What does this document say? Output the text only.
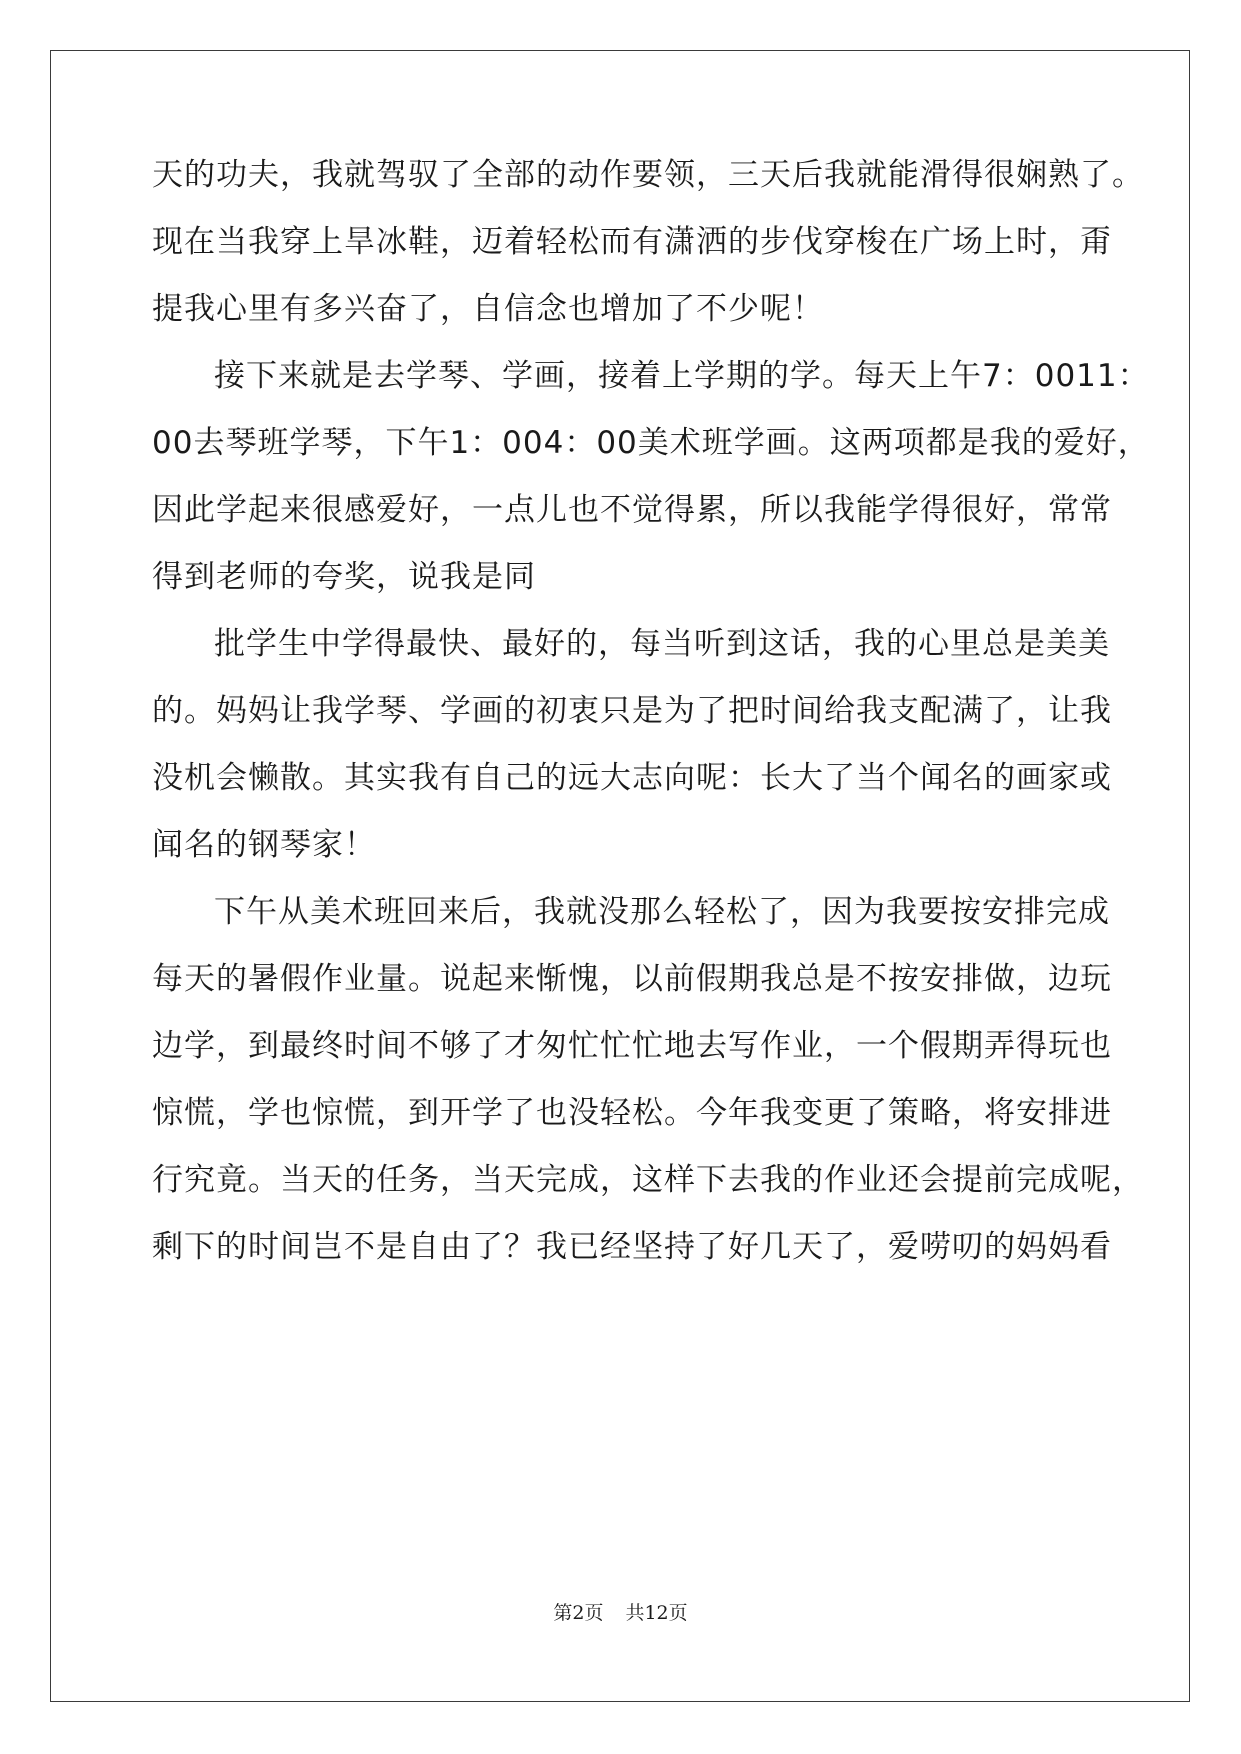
天的功夫，我就驾驭了全部的动作要领，三天后我就能滑得很娴熟了。
现在当我穿上旱冰鞋，迈着轻松而有潇洒的步伐穿梭在广场上时，甭
提我心里有多兴奋了，自信念也增加了不少呢！
接下来就是去学琴、学画，接着上学期的学。每天上午7：0011：
00去琴班学琴，下午1：004：00美术班学画。这两项都是我的爱好，
因此学起来很感爱好，一点儿也不觉得累，所以我能学得很好，常常
得到老师的夸奖，说我是同
批学生中学得最快、最好的，每当听到这话，我的心里总是美美
的。妈妈让我学琴、学画的初衷只是为了把时间给我支配满了，让我
没机会懒散。其实我有自己的远大志向呢：长大了当个闻名的画家或
闻名的钢琴家！
下午从美术班回来后，我就没那么轻松了，因为我要按安排完成
每天的暑假作业量。说起来惭愧，以前假期我总是不按安排做，边玩
边学，到最终时间不够了才匆忙忙忙地去写作业，一个假期弄得玩也
惊慌，学也惊慌，到开学了也没轻松。今年我变更了策略，将安排进
行究竟。当天的任务，当天完成，这样下去我的作业还会提前完成呢，
剩下的时间岂不是自由了？我已经坚持了好几天了，爱唠叨的妈妈看
第2页 共12页
